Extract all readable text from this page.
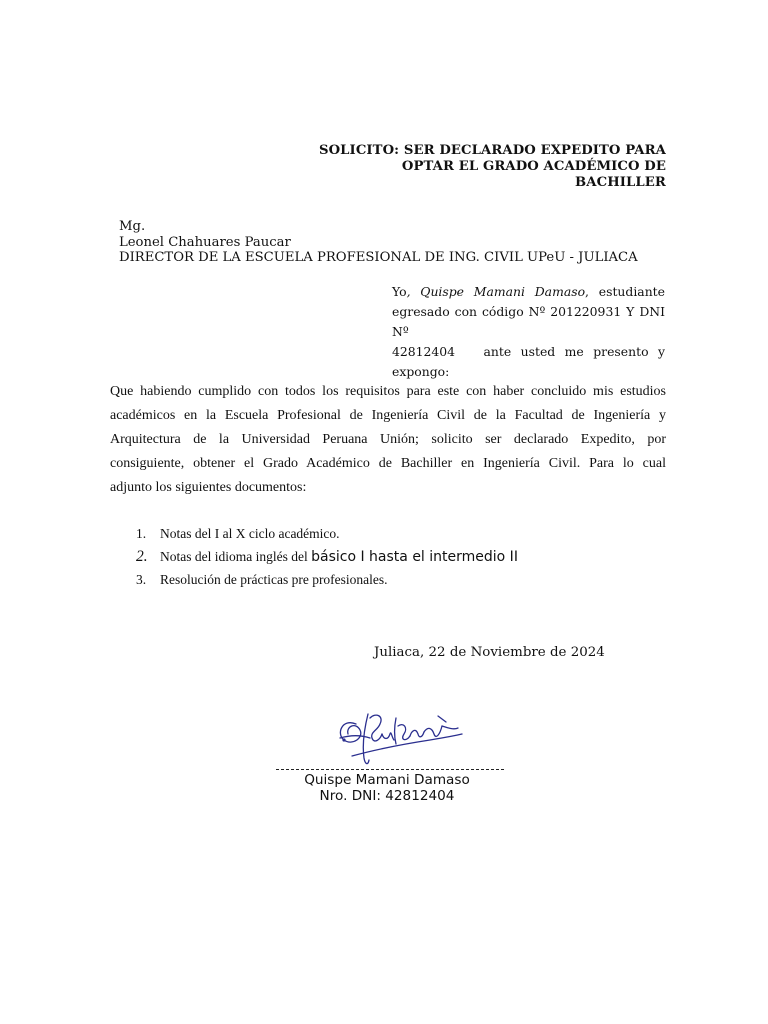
SOLICITO: SER DECLARADO EXPEDITO PARA
OPTAR EL GRADO ACADÉMICO DE
BACHILLER
Mg.
Leonel Chahuares Paucar
DIRECTOR DE LA ESCUELA PROFESIONAL DE ING. CIVIL UPeU - JULIACA
Yo, Quispe Mamani Damaso, estudiante
egresado con código Nº 201220931 Y DNI Nº
42812404   ante usted me presento y
expongo:
Que habiendo cumplido con todos los requisitos para este con haber concluido mis estudios
académicos en la Escuela Profesional de Ingeniería Civil de la Facultad de Ingeniería y
Arquitectura de la Universidad Peruana Unión; solicito ser declarado Expedito, por
consiguiente, obtener el Grado Académico de Bachiller en Ingeniería Civil. Para lo cual
adjunto los siguientes documentos:
1. Notas del I al X ciclo académico.
2. Notas del idioma inglés del básico I hasta el intermedio II
3. Resolución de prácticas pre profesionales.
Juliaca, 22 de Noviembre de 2024
Quispe Mamani Damaso
Nro. DNI: 42812404
